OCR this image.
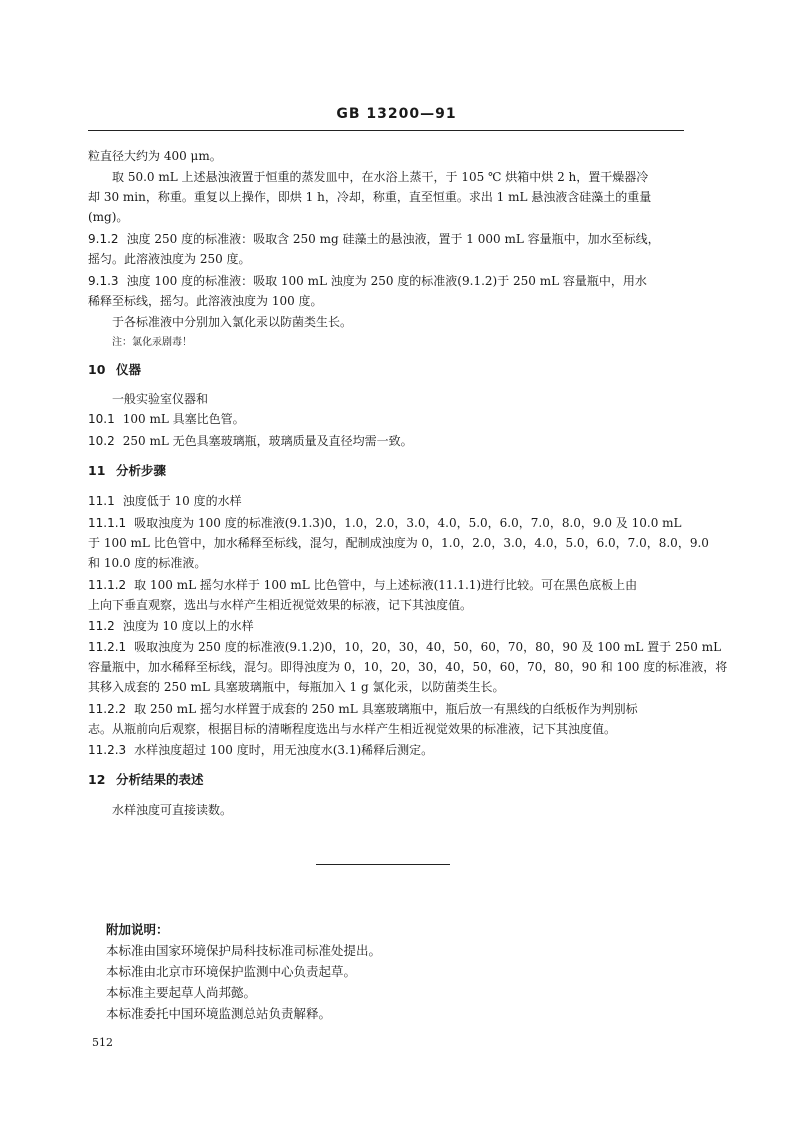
GB 13200—91
粒直径大约为 400 μm。
取 50.0 mL 上述悬浊液置于恒重的蒸发皿中，在水浴上蒸干，于 105 ℃ 烘箱中烘 2 h，置干燥器冷
却 30 min，称重。重复以上操作，即烘 1 h，冷却，称重，直至恒重。求出 1 mL 悬浊液含硅藻土的重量
(mg)。
9.1.2 浊度 250 度的标准液：吸取含 250 mg 硅藻土的悬浊液，置于 1 000 mL 容量瓶中，加水至标线，
摇匀。此溶液浊度为 250 度。
9.1.3 浊度 100 度的标准液：吸取 100 mL 浊度为 250 度的标准液(9.1.2)于 250 mL 容量瓶中，用水
稀释至标线，摇匀。此溶液浊度为 100 度。
于各标准液中分别加入氯化汞以防菌类生长。
注：氯化汞剧毒！
10 仪器
一般实验室仪器和
10.1 100 mL 具塞比色管。
10.2 250 mL 无色具塞玻璃瓶，玻璃质量及直径均需一致。
11 分析步骤
11.1 浊度低于 10 度的水样
11.1.1 吸取浊度为 100 度的标准液(9.1.3)0，1.0，2.0，3.0，4.0，5.0，6.0，7.0，8.0，9.0 及 10.0 mL
于 100 mL 比色管中，加水稀释至标线，混匀，配制成浊度为 0，1.0，2.0，3.0，4.0，5.0，6.0，7.0，8.0，9.0
和 10.0 度的标准液。
11.1.2 取 100 mL 摇匀水样于 100 mL 比色管中，与上述标液(11.1.1)进行比较。可在黑色底板上由
上向下垂直观察，选出与水样产生相近视觉效果的标液，记下其浊度值。
11.2 浊度为 10 度以上的水样
11.2.1 吸取浊度为 250 度的标准液(9.1.2)0，10，20，30，40，50，60，70，80，90 及 100 mL 置于 250 mL
容量瓶中，加水稀释至标线，混匀。即得浊度为 0，10，20，30，40，50，60，70，80，90 和 100 度的标准液，将
其移入成套的 250 mL 具塞玻璃瓶中，每瓶加入 1 g 氯化汞，以防菌类生长。
11.2.2 取 250 mL 摇匀水样置于成套的 250 mL 具塞玻璃瓶中，瓶后放一有黑线的白纸板作为判别标
志。从瓶前向后观察，根据目标的清晰程度选出与水样产生相近视觉效果的标准液，记下其浊度值。
11.2.3 水样浊度超过 100 度时，用无浊度水(3.1)稀释后测定。
12 分析结果的表述
水样浊度可直接读数。
附加说明：
本标准由国家环境保护局科技标准司标准处提出。
本标准由北京市环境保护监测中心负责起草。
本标准主要起草人尚邦懿。
本标准委托中国环境监测总站负责解释。
512
